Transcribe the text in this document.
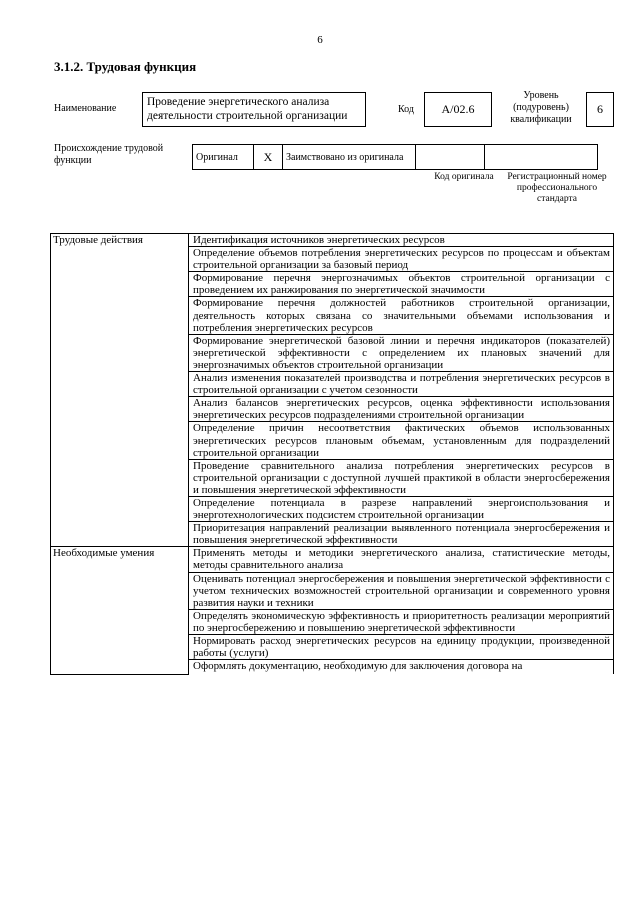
6
3.1.2. Трудовая функция
Наименование
Проведение энергетического анализа деятельности строительной организации
Код А/02.6
Уровень (подуровень) квалификации
6
Происхождение трудовой функции	Оригинал	Х	Заимствовано из оригинала		
Код оригинала	Регистрационный номер профессионального стандарта
Трудовые действия	Идентификация источников энергетических ресурсов
	Определение объемов потребления энергетических ресурсов по процессам и объектам строительной организации за базовый период
	Формирование перечня энергозначимых объектов строительной организации с проведением их ранжирования по энергетической значимости
	Формирование перечня должностей работников строительной организации, деятельность которых связана со значительными объемами использования и потребления энергетических ресурсов
	Формирование энергетической базовой линии и перечня индикаторов (показателей) энергетической эффективности с определением их плановых значений для энергозначимых объектов строительной организации
	Анализ изменения показателей производства и потребления энергетических ресурсов в строительной организации с учетом сезонности
	Анализ балансов энергетических ресурсов, оценка эффективности использования энергетических ресурсов подразделениями строительной организации
	Определение причин несоответствия фактических объемов использованных энергетических ресурсов плановым объемам, установленным для подразделений строительной организации
	Проведение сравнительного анализа потребления энергетических ресурсов в строительной организации с доступной лучшей практикой в области энергосбережения и повышения энергетической эффективности
	Определение потенциала в разрезе направлений энергоиспользования и энерготехнологических подсистем строительной организации
	Приоритезация направлений реализации выявленного потенциала энергосбережения и повышения энергетической эффективности
Необходимые умения	Применять методы и методики энергетического анализа, статистические методы, методы сравнительного анализа
	Оценивать потенциал энергосбережения и повышения энергетической эффективности с учетом технических возможностей строительной организации и современного уровня развития науки и техники
	Определять экономическую эффективность и приоритетность реализации мероприятий по энергосбережению и повышению энергетической эффективности
	Нормировать расход энергетических ресурсов на единицу продукции, произведенной работы (услуги)

	Оформлять документацию, необходимую для заключения договора на
